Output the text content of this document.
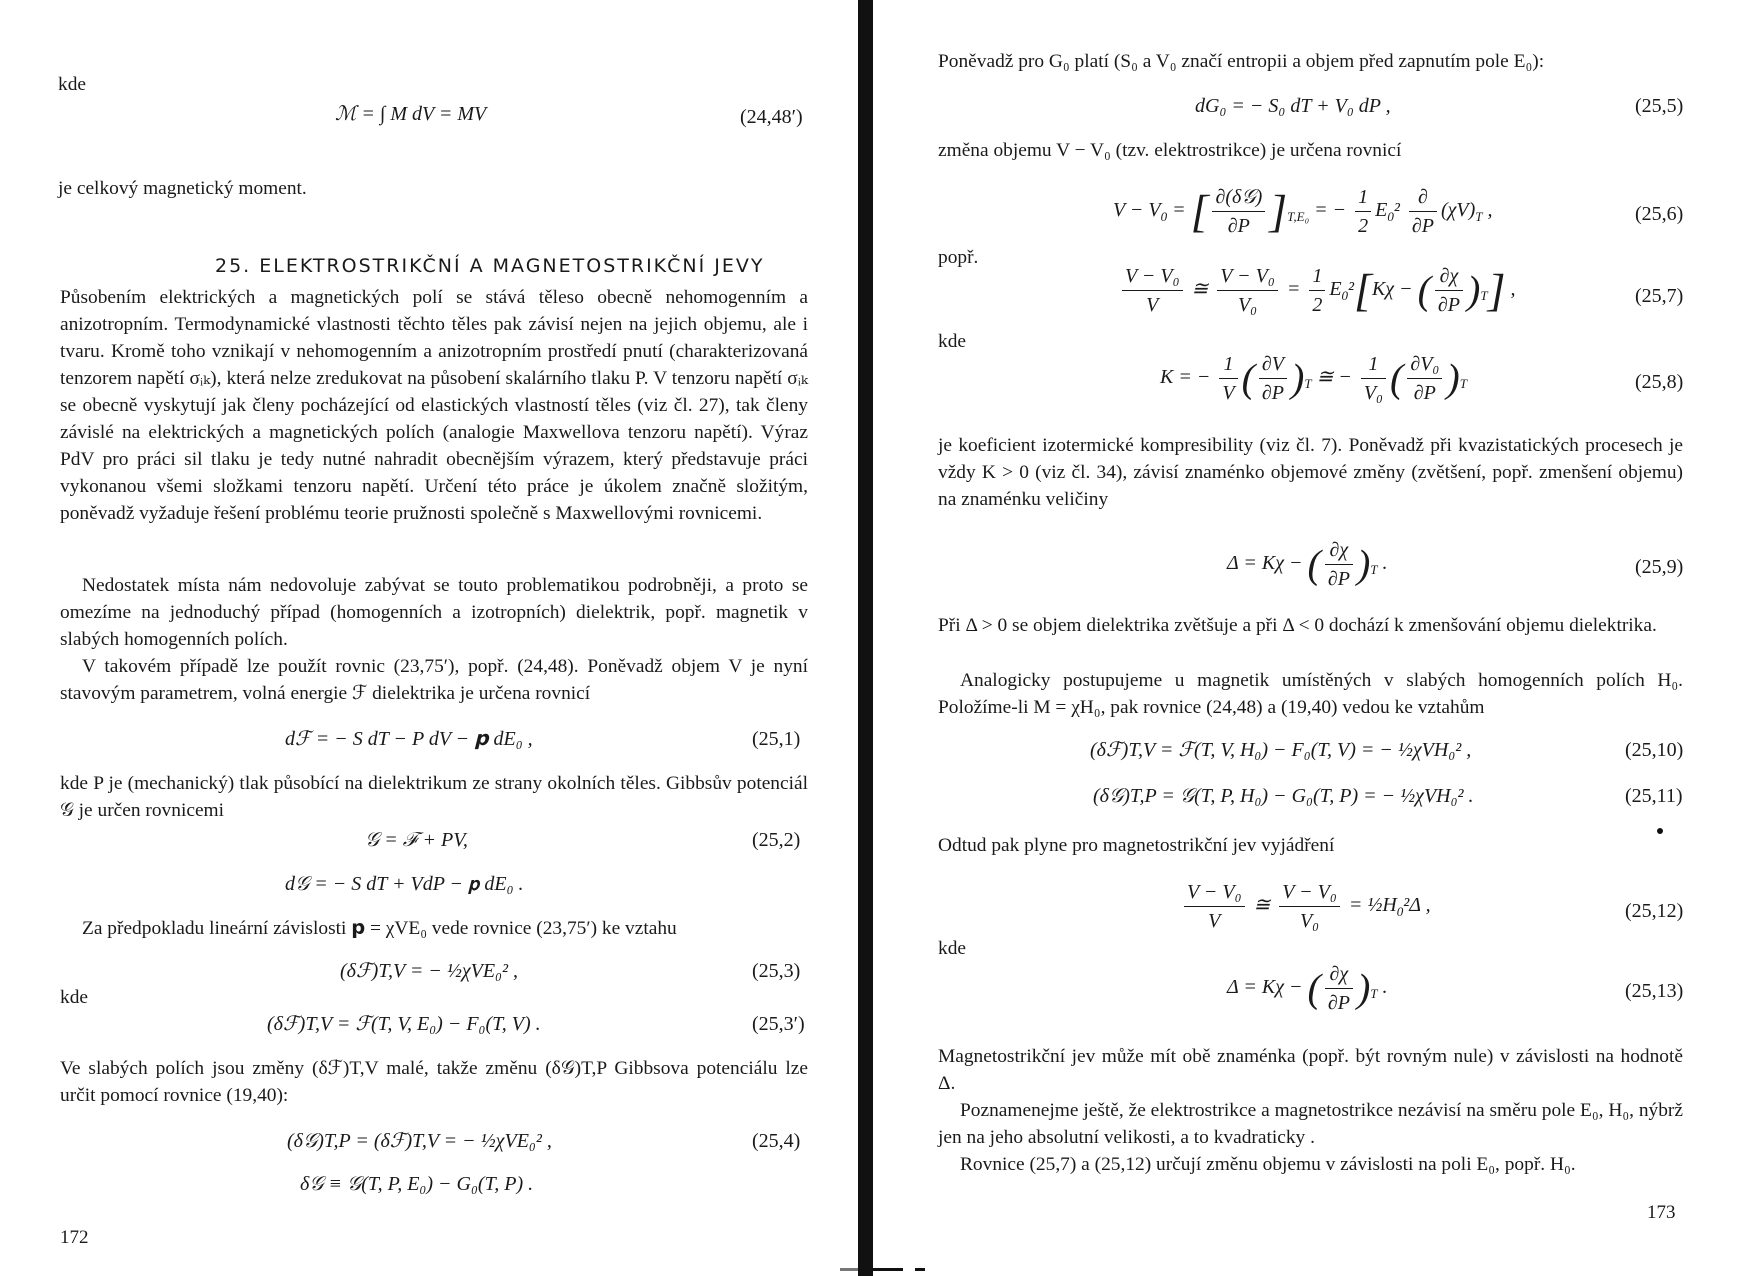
kde
ℳ = ∫ M dV = MV	(24,48′)
je celkový magnetický moment.
25. ELEKTROSTRIKČNÍ A MAGNETOSTRIKČNÍ JEVY
Působením elektrických a magnetických polí se stává těleso obecně nehomogenním a anizotropním. Termodynamické vlastnosti těchto těles pak závisí nejen na jejich objemu, ale i tvaru. Kromě toho vznikají v nehomogenním a anizotropním prostředí pnutí (charakterizovaná tenzorem napětí σᵢₖ), která nelze zredukovat na působení skalárního tlaku P. V tenzoru napětí σᵢₖ se obecně vyskytují jak členy pocházející od elastických vlastností těles (viz čl. 27), tak členy závislé na elektrických a magnetických polích (analogie Maxwellova tenzoru napětí). Výraz PdV pro práci sil tlaku je tedy nutné nahradit obecnějším výrazem, který představuje práci vykonanou všemi složkami tenzoru napětí. Určení této práce je úkolem značně složitým, poněvadž vyžaduje řešení problému teorie pružnosti společně s Maxwellovými rovnicemi.
Nedostatek místa nám nedovoluje zabývat se touto problematikou podrobněji, a proto se omezíme na jednoduchý případ (homogenních a izotropních) dielektrik, popř. magnetik v slabých homogenních polích.
V takovém případě lze použít rovnic (23,75′), popř. (24,48). Poněvadž objem V je nyní stavovým parametrem, volná energie ℱ dielektrika je určena rovnicí
dℱ = − S dT − P dV − 𝗽 dE₀ ,	(25,1)
kde P je (mechanický) tlak působící na dielektrikum ze strany okolních těles. Gibbsův potenciál 𝒢 je určen rovnicemi
𝒢 = ℱ + PV,	(25,2)
d𝒢 = − S dT + VdP − 𝗽 dE₀ .
Za předpokladu lineární závislosti 𝗽 = χVE₀ vede rovnice (23,75′) ke vztahu
(δℱ)T,V = − ½χVE₀² ,	(25,3)
kde
(δℱ)T,V = ℱ(T, V, E₀) − F₀(T, V) .	(25,3′)
Ve slabých polích jsou změny (δℱ)T,V malé, takže změnu (δ𝒢)T,P Gibbsova potenciálu lze určit pomocí rovnice (19,40):
(δ𝒢)T,P = (δℱ)T,V = − ½χVE₀² ,	(25,4)
δ𝒢 ≡ 𝒢(T, P, E₀) − G₀(T, P) .
172
Poněvadž pro G₀ platí (S₀ a V₀ značí entropii a objem před zapnutím pole E₀):
dG₀ = − S₀ dT + V₀ dP ,	(25,5)
změna objemu V − V₀ (tzv. elektrostrikce) je určena rovnicí
$V - V_0$ = [ $\frac{\text{∂(δ𝒢)}}{\partial P} ]_{T,E_0}$ = − $\frac{1}{2} E_0^2 \frac{\partial}{\partial P} (\chi V)_T$ ,	(25,6)
popř.
$\frac{\text{V − V₀}}{V}$ ≅ $\frac{\text{V − V₀}}{\text{V₀}} = \frac{1}{2} E_0^2[K\chi$ − ( $\frac{\partial\chi}{\partial P} )_T$] ,	(25,7)
kde
K = − $\frac{1}{V}$ ( $\frac{\partial V}{\partial P} )_T$ ≅ − $\frac{1}{\text{V₀}}$ ( $\frac{\text{∂V₀}}{\partial P} )_T$	(25,8)
je koeficient izotermické kompresibility (viz čl. 7). Poněvadž při kvazistatických procesech je vždy K > 0 (viz čl. 34), závisí znaménko objemové změny (zvětšení, popř. zmenšení objemu) na znaménku veličiny
Δ = Kχ − ( $\frac{\partial\chi}{\partial P} )_T$ .	(25,9)
Při Δ > 0 se objem dielektrika zvětšuje a při Δ < 0 dochází k zmenšování objemu dielektrika.
Analogicky postupujeme u magnetik umístěných v slabých homogenních polích H₀. Položíme-li M = χH₀, pak rovnice (24,48) a (19,40) vedou ke vztahům
(δℱ)T,V = ℱ(T, V, H₀) − F₀(T, V) = − ½χVH₀² ,	(25,10)
(δ𝒢)T,P = 𝒢(T, P, H₀) − G₀(T, P) = − ½χVH₀² .	(25,11)
Odtud pak plyne pro magnetostrikční jev vyjádření
$\frac{\text{V − V₀}}{V}$ ≅ $\frac{\text{V − V₀}}{\text{V₀}}$ = $\frac{1}{2}H_0^2\Delta$ ,	(25,12)
kde
Δ = Kχ − ( $\frac{\partial\chi}{\partial P} )_T$ .	(25,13)
Magnetostrikční jev může mít obě znaménka (popř. být rovným nule) v závislosti na hodnotě Δ.
Poznamenejme ještě, že elektrostrikce a magnetostrikce nezávisí na směru pole E₀, H₀, nýbrž jen na jeho absolutní velikosti, a to kvadraticky .
Rovnice (25,7) a (25,12) určují změnu objemu v závislosti na poli E₀, popř. H₀.
173
